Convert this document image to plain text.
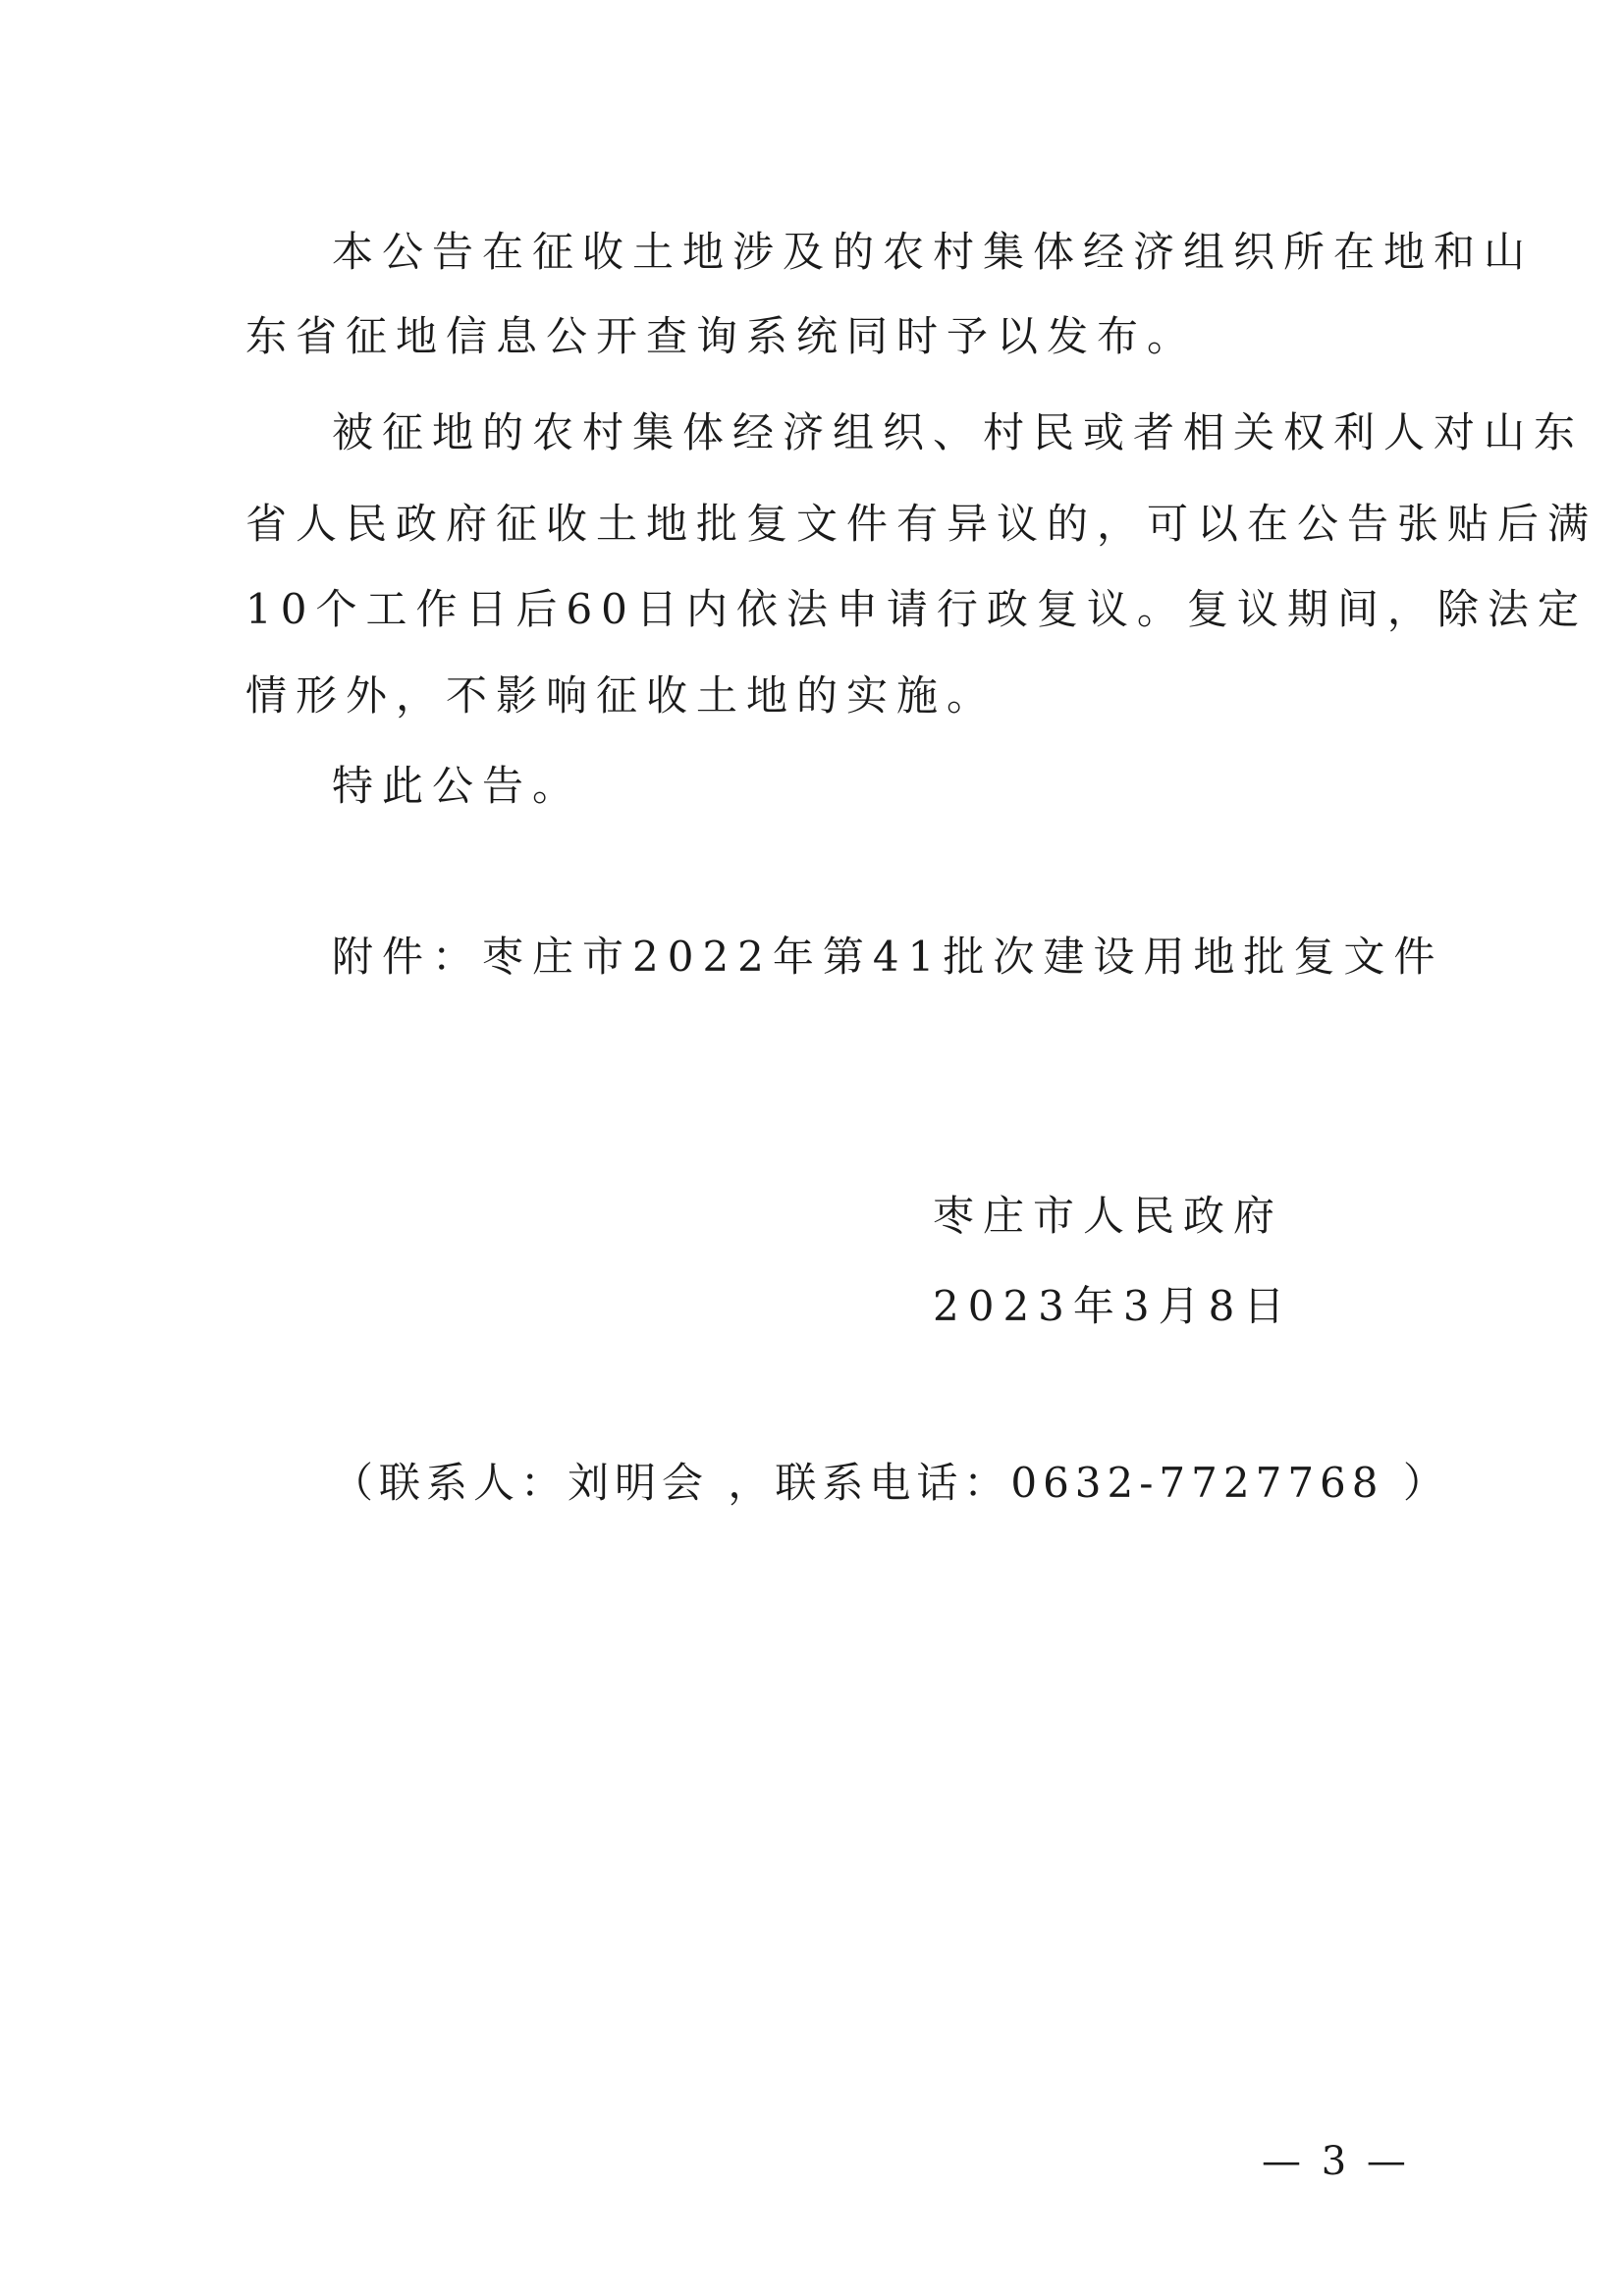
本公告在征收土地涉及的农村集体经济组织所在地和山
东省征地信息公开查询系统同时予以发布。
被征地的农村集体经济组织、村民或者相关权利人对山东
省人民政府征收土地批复文件有异议的，可以在公告张贴后满
10个工作日后60日内依法申请行政复议。复议期间，除法定
情形外，不影响征收土地的实施。
特此公告。
附件：枣庄市2022年第41批次建设用地批复文件
枣庄市人民政府
2023年3月8日
（联系人：刘明会 ，联系电话：0632-7727768 ）
— 3 —
